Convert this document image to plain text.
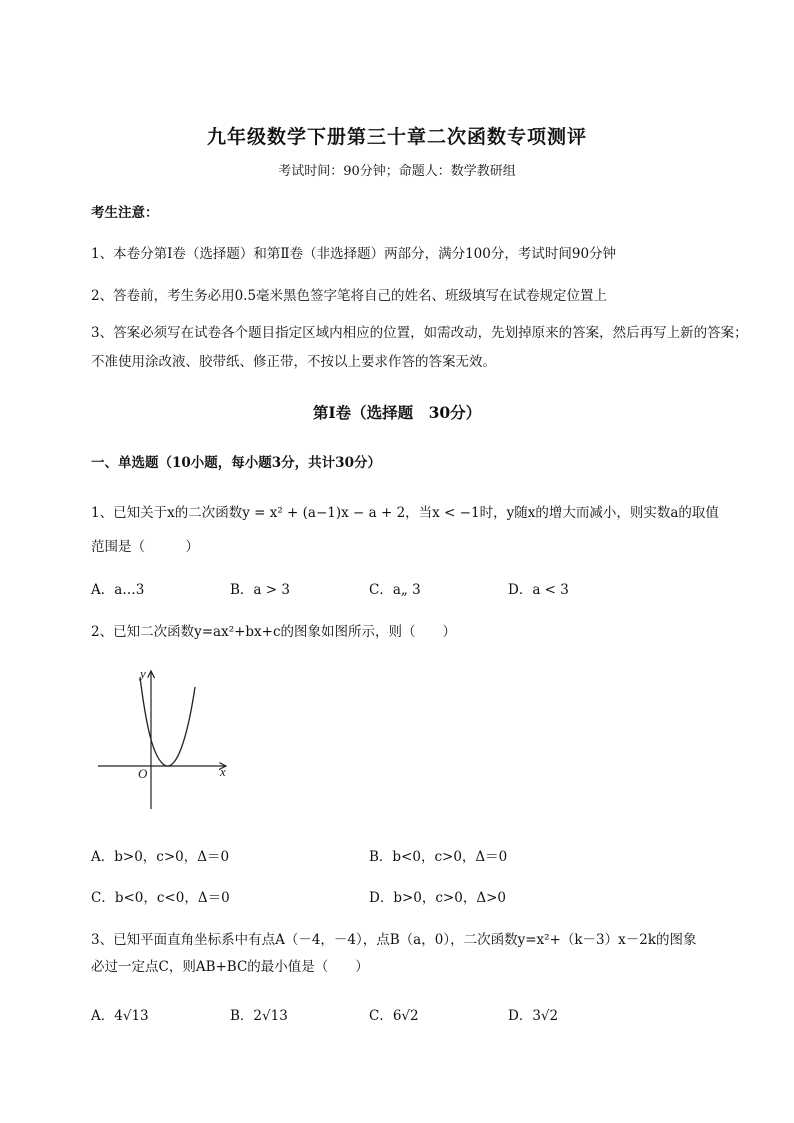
九年级数学下册第三十章二次函数专项测评
考试时间：90分钟；命题人：数学教研组
考生注意：
1、本卷分第I卷（选择题）和第Ⅱ卷（非选择题）两部分，满分100分，考试时间90分钟
2、答卷前，考生务必用0.5毫米黑色签字笔将自己的姓名、班级填写在试卷规定位置上
3、答案必须写在试卷各个题目指定区域内相应的位置，如需改动，先划掉原来的答案，然后再写上新的答案；不准使用涂改液、胶带纸、修正带，不按以上要求作答的答案无效。
第I卷（选择题　30分）
一、单选题（10小题，每小题3分，共计30分）
1、已知关于x的二次函数y = x² + (a−1)x − a + 2，当x < −1时，y随x的增大而减小，则实数a的取值
范围是（　　　）
A．a…3	B．a > 3	C．a„ 3	D．a < 3
2、已知二次函数y=ax²+bx+c的图象如图所示，则（　　）
y
x
O
A．b>0，c>0，Δ＝0	B．b<0，c>0，Δ＝0
C．b<0，c<0，Δ＝0	D．b>0，c>0，Δ>0
3、已知平面直角坐标系中有点A（－4，－4），点B（a，0），二次函数y=x²+（k－3）x－2k的图象
必过一定点C，则AB+BC的最小值是（　　）
A．4√13	B．2√13	C．6√2	D．3√2
